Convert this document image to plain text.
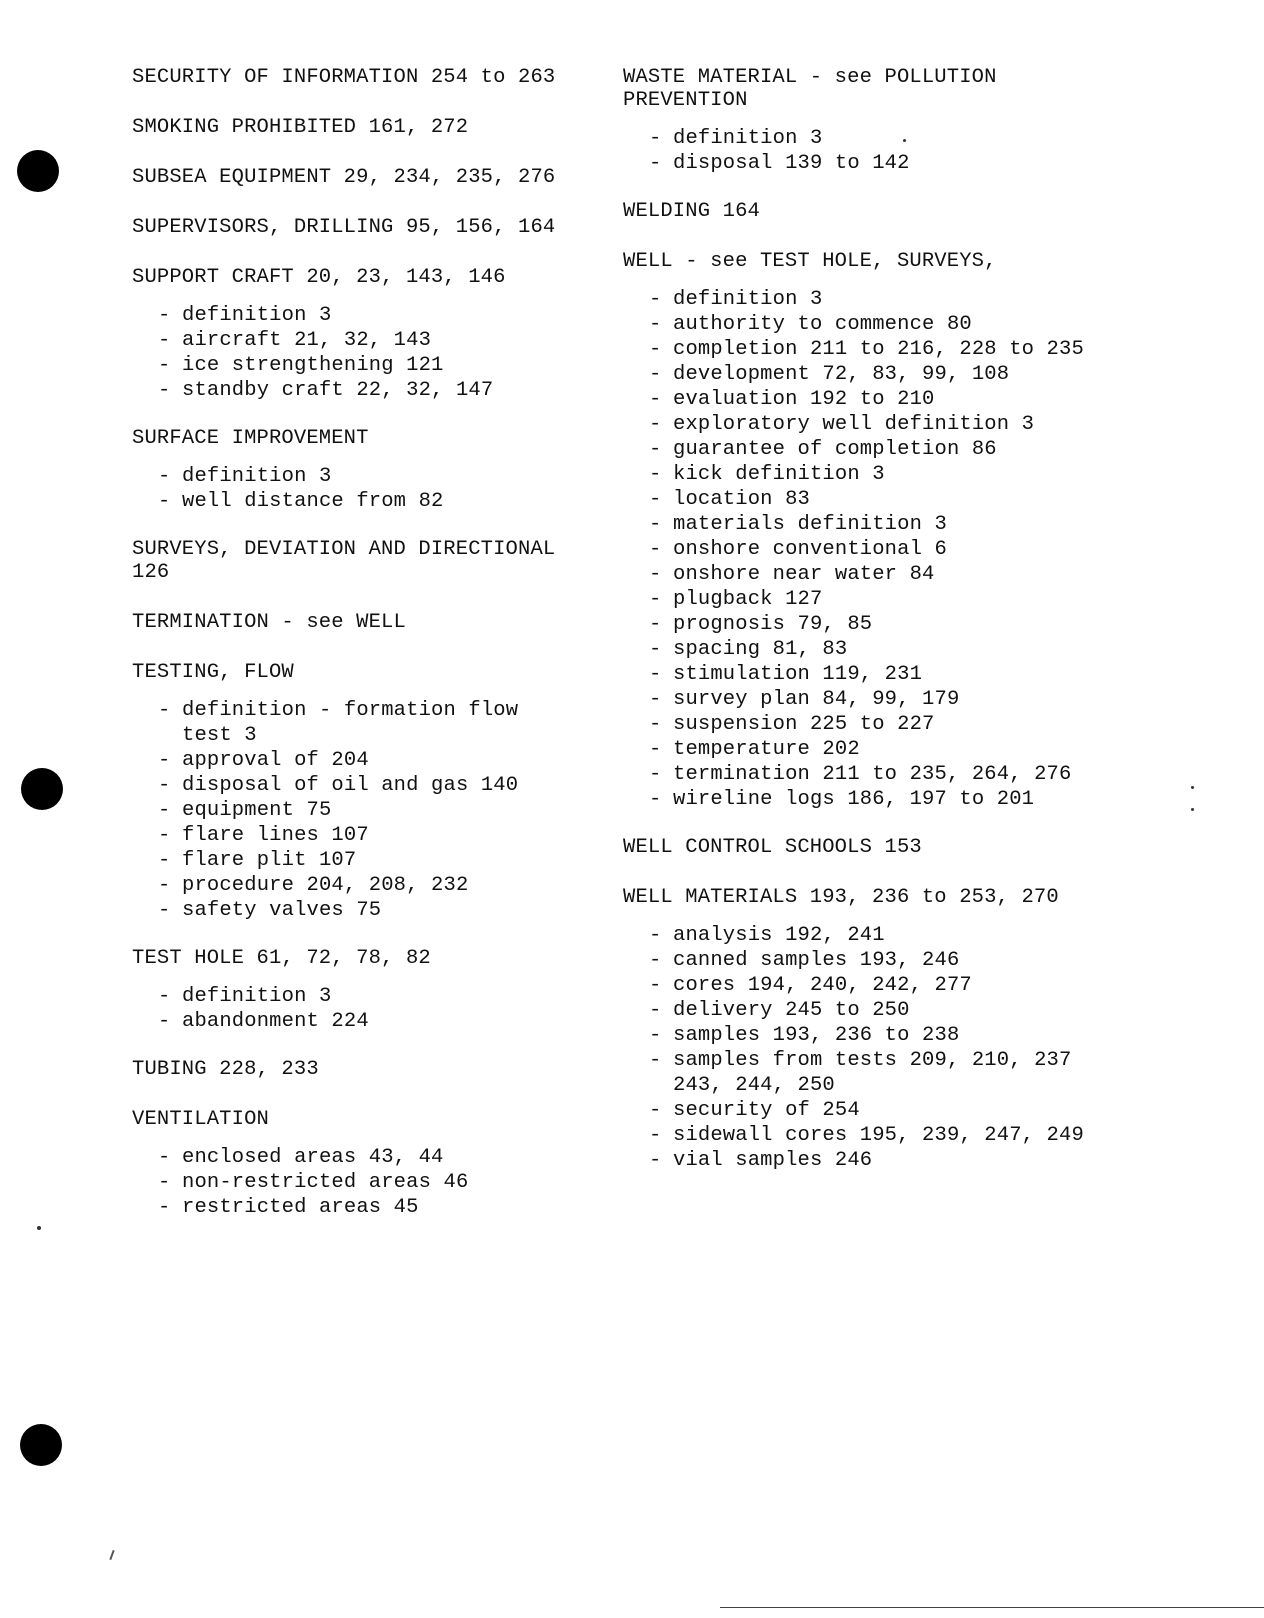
SECURITY OF INFORMATION 254 to 263

SMOKING PROHIBITED 161, 272

SUBSEA EQUIPMENT 29, 234, 235, 276

SUPERVISORS, DRILLING 95, 156, 164

SUPPORT CRAFT 20, 23, 143, 146

- definition 3
- aircraft 21, 32, 143
- ice strengthening 121
- standby craft 22, 32, 147

SURFACE IMPROVEMENT

- definition 3
- well distance from 82

SURVEYS, DEVIATION AND DIRECTIONAL
126

TERMINATION - see WELL

TESTING, FLOW

- definition - formation flow
test 3
- approval of 204
- disposal of oil and gas 140
- equipment 75
- flare lines 107
- flare plit 107
- procedure 204, 208, 232
- safety valves 75

TEST HOLE 61, 72, 78, 82

- definition 3
- abandonment 224

TUBING 228, 233

VENTILATION

- enclosed areas 43, 44
- non-restricted areas 46
- restricted areas 45

WASTE MATERIAL - see POLLUTION
PREVENTION

- definition 3
- disposal 139 to 142

WELDING 164

WELL - see TEST HOLE, SURVEYS,

- definition 3
- authority to commence 80
- completion 211 to 216, 228 to 235
- development 72, 83, 99, 108
- evaluation 192 to 210
- exploratory well definition 3
- guarantee of completion 86
- kick definition 3
- location 83
- materials definition 3
- onshore conventional 6
- onshore near water 84
- plugback 127
- prognosis 79, 85
- spacing 81, 83
- stimulation 119, 231
- survey plan 84, 99, 179
- suspension 225 to 227
- temperature 202
- termination 211 to 235, 264, 276
- wireline logs 186, 197 to 201

WELL CONTROL SCHOOLS 153

WELL MATERIALS 193, 236 to 253, 270

- analysis 192, 241
- canned samples 193, 246
- cores 194, 240, 242, 277
- delivery 245 to 250
- samples 193, 236 to 238
- samples from tests 209, 210, 237
243, 244, 250
- security of 254
- sidewall cores 195, 239, 247, 249
- vial samples 246
